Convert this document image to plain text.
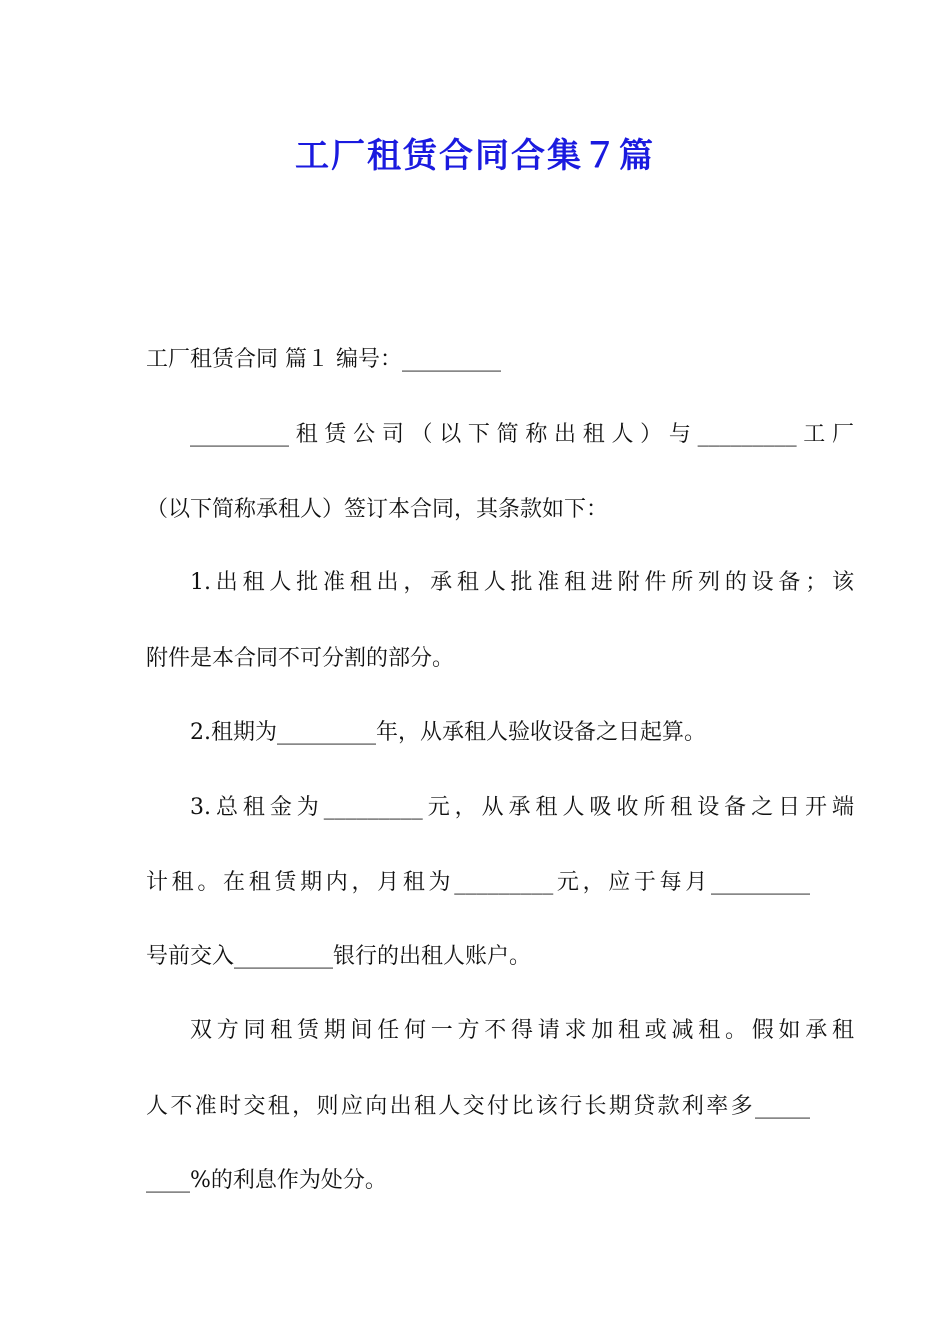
工厂租赁合同合集７篇
工厂租赁合同 篇１ 编号：_________
_________租赁公司（以下简称出租人）与_________工厂
（以下简称承租人）签订本合同，其条款如下：
1.出租人批准租出，承租人批准租进附件所列的设备；该
附件是本合同不可分割的部分。
2.租期为_________年，从承租人验收设备之日起算。
3.总租金为_________元，从承租人吸收所租设备之日开端
计租。在租赁期内，月租为_________元，应于每月_________
号前交入_________银行的出租人账户。
双方同租赁期间任何一方不得请求加租或减租。假如承租
人不准时交租，则应向出租人交付比该行长期贷款利率多_____
____%的利息作为处分。
